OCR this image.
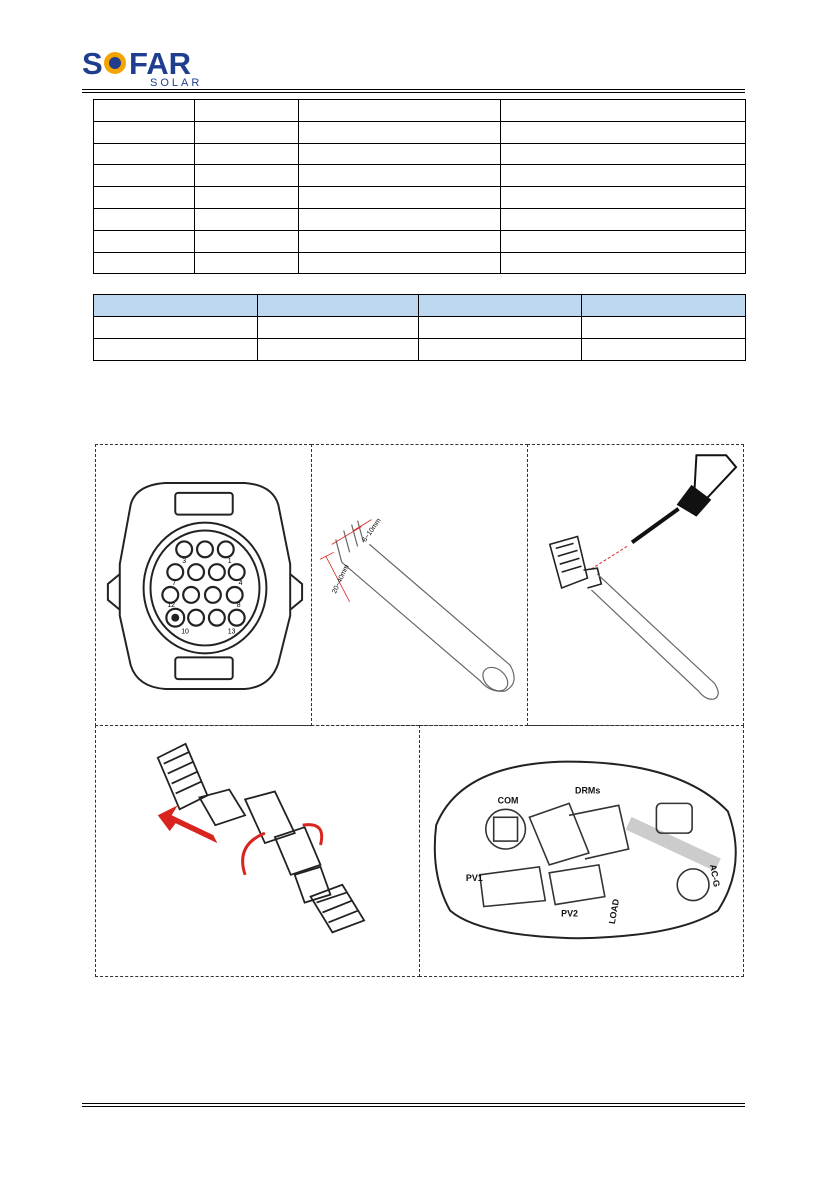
S FAR
SOLAR

3	1
7	4
12	8
10	13
6~10mm
20~40mm
COM
DRMs
PV1
PV2	LOAD
AC-G
